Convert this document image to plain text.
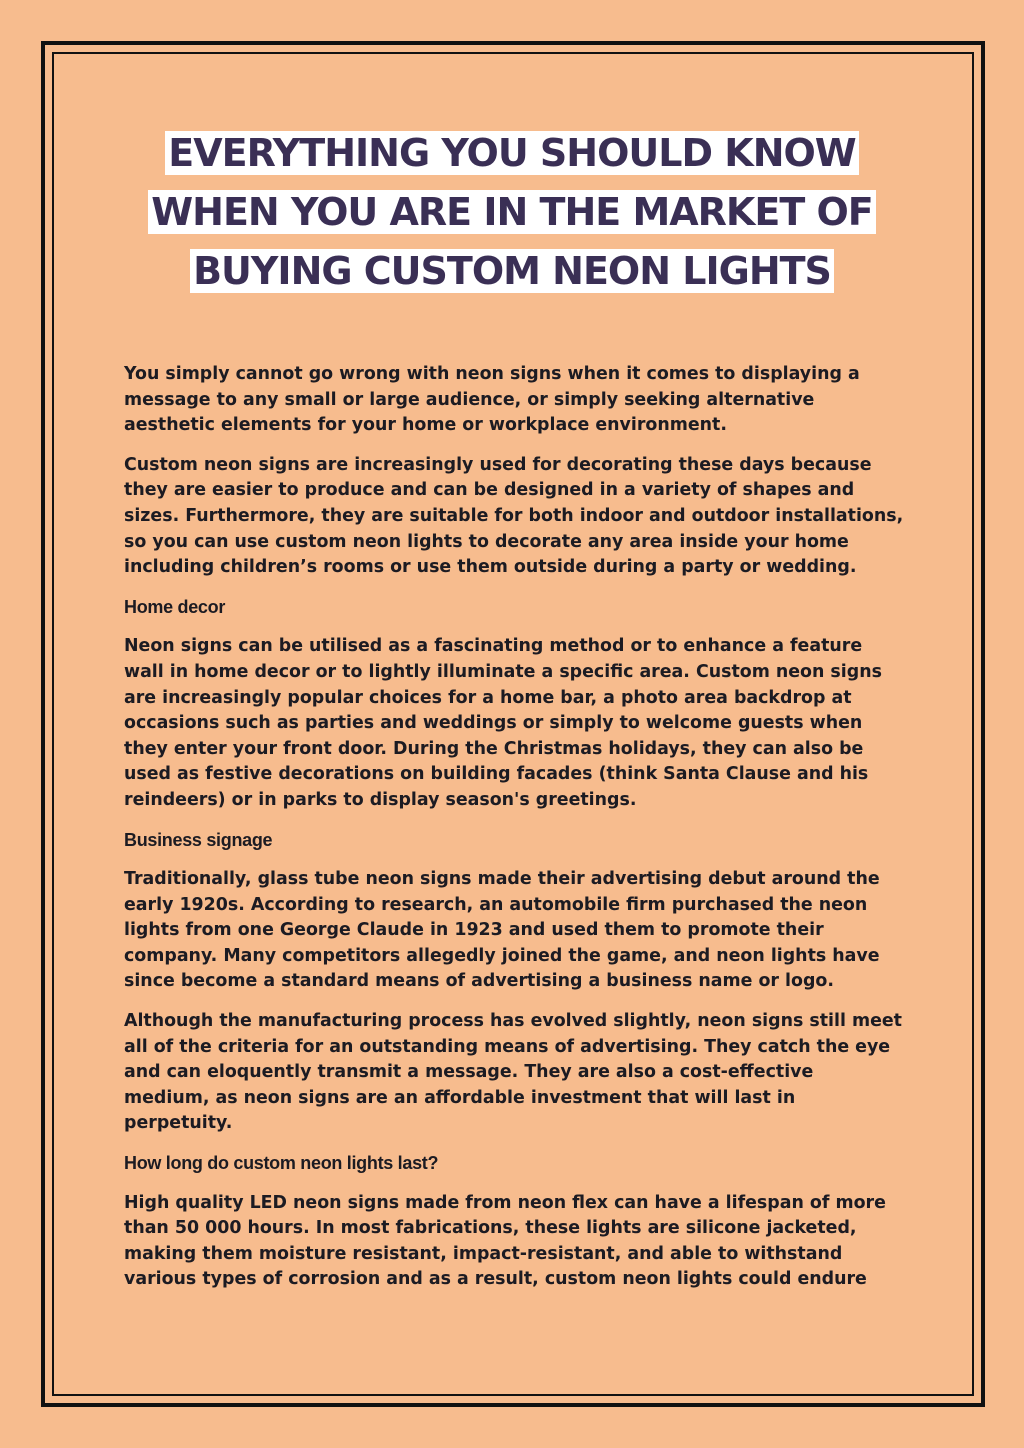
EVERYTHING YOU SHOULD KNOW WHEN YOU ARE IN THE MARKET OF BUYING CUSTOM NEON LIGHTS

You simply cannot go wrong with neon signs when it comes to displaying a message to any small or large audience, or simply seeking alternative aesthetic elements for your home or workplace environment.

Custom neon signs are increasingly used for decorating these days because they are easier to produce and can be designed in a variety of shapes and sizes. Furthermore, they are suitable for both indoor and outdoor installations, so you can use custom neon lights to decorate any area inside your home including children’s rooms or use them outside during a party or wedding.

Home decor

Neon signs can be utilised as a fascinating method or to enhance a feature wall in home decor or to lightly illuminate a specific area. Custom neon signs are increasingly popular choices for a home bar, a photo area backdrop at occasions such as parties and weddings or simply to welcome guests when they enter your front door. During the Christmas holidays, they can also be used as festive decorations on building facades (think Santa Clause and his reindeers) or in parks to display season's greetings.

Business signage

Traditionally, glass tube neon signs made their advertising debut around the early 1920s. According to research, an automobile firm purchased the neon lights from one George Claude in 1923 and used them to promote their company. Many competitors allegedly joined the game, and neon lights have since become a standard means of advertising a business name or logo.

Although the manufacturing process has evolved slightly, neon signs still meet all of the criteria for an outstanding means of advertising. They catch the eye and can eloquently transmit a message. They are also a cost-effective medium, as neon signs are an affordable investment that will last in perpetuity.

How long do custom neon lights last?

High quality LED neon signs made from neon flex can have a lifespan of more than 50 000 hours. In most fabrications, these lights are silicone jacketed, making them moisture resistant, impact-resistant, and able to withstand various types of corrosion and as a result, custom neon lights could endure
